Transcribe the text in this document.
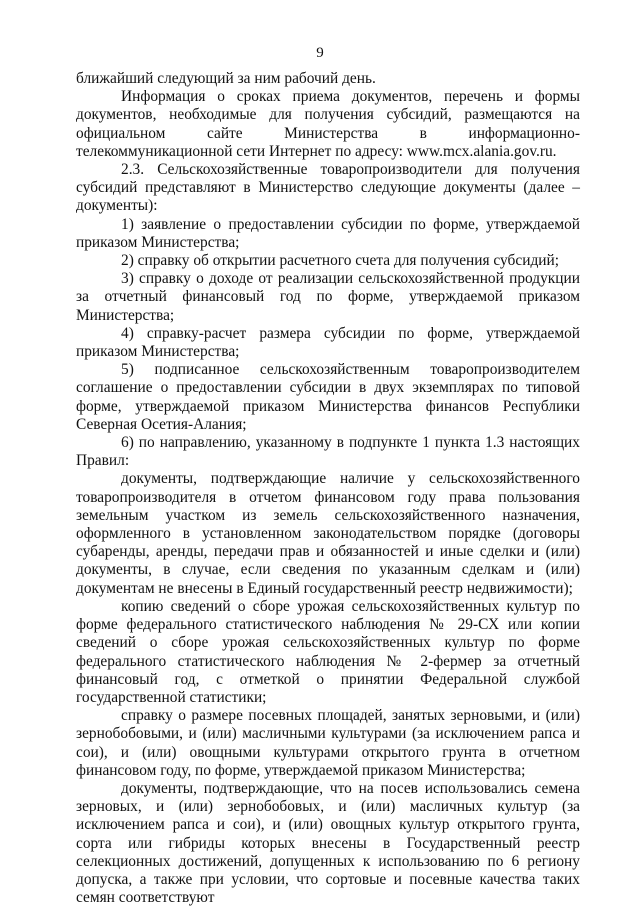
9

ближайший следующий за ним рабочий день.

Информация о сроках приема документов, перечень и формы документов, необходимые для получения субсидий, размещаются на официальном сайте Министерства в информационно-телекоммуникационной сети Интернет по адресу: www.mcx.alania.gov.ru.

2.3. Сельскохозяйственные товаропроизводители для получения субсидий представляют в Министерство следующие документы (далее – документы):

1) заявление о предоставлении субсидии по форме, утверждаемой приказом Министерства;

2) справку об открытии расчетного счета для получения субсидий;

3) справку о доходе от реализации сельскохозяйственной продукции за отчетный финансовый год по форме, утверждаемой приказом Министерства;

4) справку-расчет размера субсидии по форме, утверждаемой приказом Министерства;

5) подписанное сельскохозяйственным товаропроизводителем соглашение о предоставлении субсидии в двух экземплярах по типовой форме, утверждаемой приказом Министерства финансов Республики Северная Осетия-Алания;

6) по направлению, указанному в подпункте 1 пункта 1.3 настоящих Правил:

документы, подтверждающие наличие у сельскохозяйственного товаропроизводителя в отчетом финансовом году права пользования земельным участком из земель сельскохозяйственного назначения, оформленного в установленном законодательством порядке (договоры субаренды, аренды, передачи прав и обязанностей и иные сделки и (или) документы, в случае, если сведения по указанным сделкам и (или) документам не внесены в Единый государственный реестр недвижимости);

копию сведений о сборе урожая сельскохозяйственных культур по форме федерального статистического наблюдения № 29-СХ или копии сведений о сборе урожая сельскохозяйственных культур по форме федерального статистического наблюдения № 2-фермер за отчетный финансовый год, с отметкой о принятии Федеральной службой государственной статистики;

справку о размере посевных площадей, занятых зерновыми, и (или) зернобобовыми, и (или) масличными культурами (за исключением рапса и сои), и (или) овощными культурами открытого грунта в отчетном финансовом году, по форме, утверждаемой приказом Министерства;

документы, подтверждающие, что на посев использовались семена зерновых, и (или) зернобобовых, и (или) масличных культур (за исключением рапса и сои), и (или) овощных культур открытого грунта, сорта или гибриды которых внесены в Государственный реестр селекционных достижений, допущенных к использованию по 6 региону допуска, а также при условии, что сортовые и посевные качества таких семян соответствуют
